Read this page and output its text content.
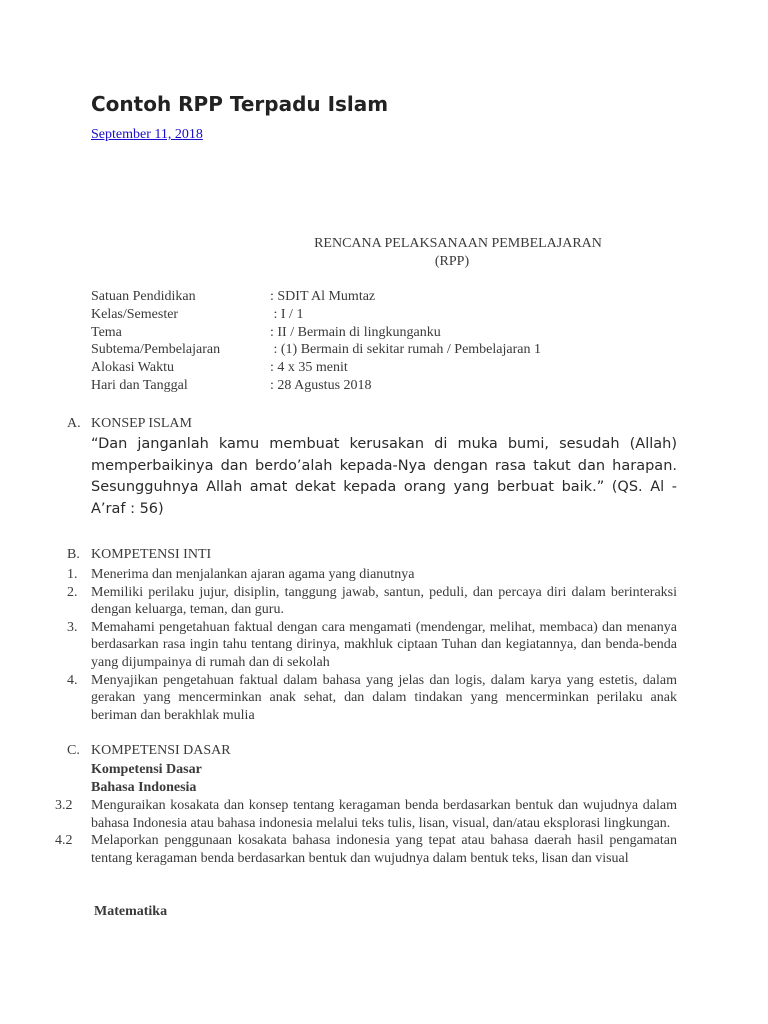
Contoh RPP Terpadu Islam
September 11, 2018
RENCANA PELAKSANAAN PEMBELAJARAN
(RPP)
Satuan Pendidikan	: SDIT Al Mumtaz
Kelas/Semester	: I / 1
Tema	: II / Bermain di lingkunganku
Subtema/Pembelajaran	: (1) Bermain di sekitar rumah / Pembelajaran 1
Alokasi Waktu	: 4 x 35 menit
Hari dan Tanggal	: 28 Agustus 2018
A. KONSEP ISLAM
“Dan janganlah kamu membuat kerusakan di muka bumi, sesudah (Allah) memperbaikinya dan berdo’alah kepada-Nya dengan rasa takut dan harapan. Sesungguhnya Allah amat dekat kepada orang yang berbuat baik.” (QS. Al - A’raf : 56)
B. KOMPETENSI INTI
1. Menerima dan menjalankan ajaran agama yang dianutnya
2. Memiliki perilaku jujur, disiplin, tanggung jawab, santun, peduli, dan percaya diri dalam berinteraksi dengan keluarga, teman, dan guru.
3. Memahami pengetahuan faktual dengan cara mengamati (mendengar, melihat, membaca) dan menanya berdasarkan rasa ingin tahu tentang dirinya, makhluk ciptaan Tuhan dan kegiatannya, dan benda-benda yang dijumpainya di rumah dan di sekolah
4. Menyajikan pengetahuan faktual dalam bahasa yang jelas dan logis, dalam karya yang estetis, dalam gerakan yang mencerminkan anak sehat, dan dalam tindakan yang mencerminkan perilaku anak beriman dan berakhlak mulia
C. KOMPETENSI DASAR
Kompetensi Dasar
Bahasa Indonesia
3.2 Menguraikan kosakata dan konsep tentang keragaman benda berdasarkan bentuk dan wujudnya dalam bahasa Indonesia atau bahasa indonesia melalui teks tulis, lisan, visual, dan/atau eksplorasi lingkungan.
4.2 Melaporkan penggunaan kosakata bahasa indonesia yang tepat atau bahasa daerah hasil pengamatan tentang keragaman benda berdasarkan bentuk dan wujudnya dalam bentuk teks, lisan dan visual
Matematika
